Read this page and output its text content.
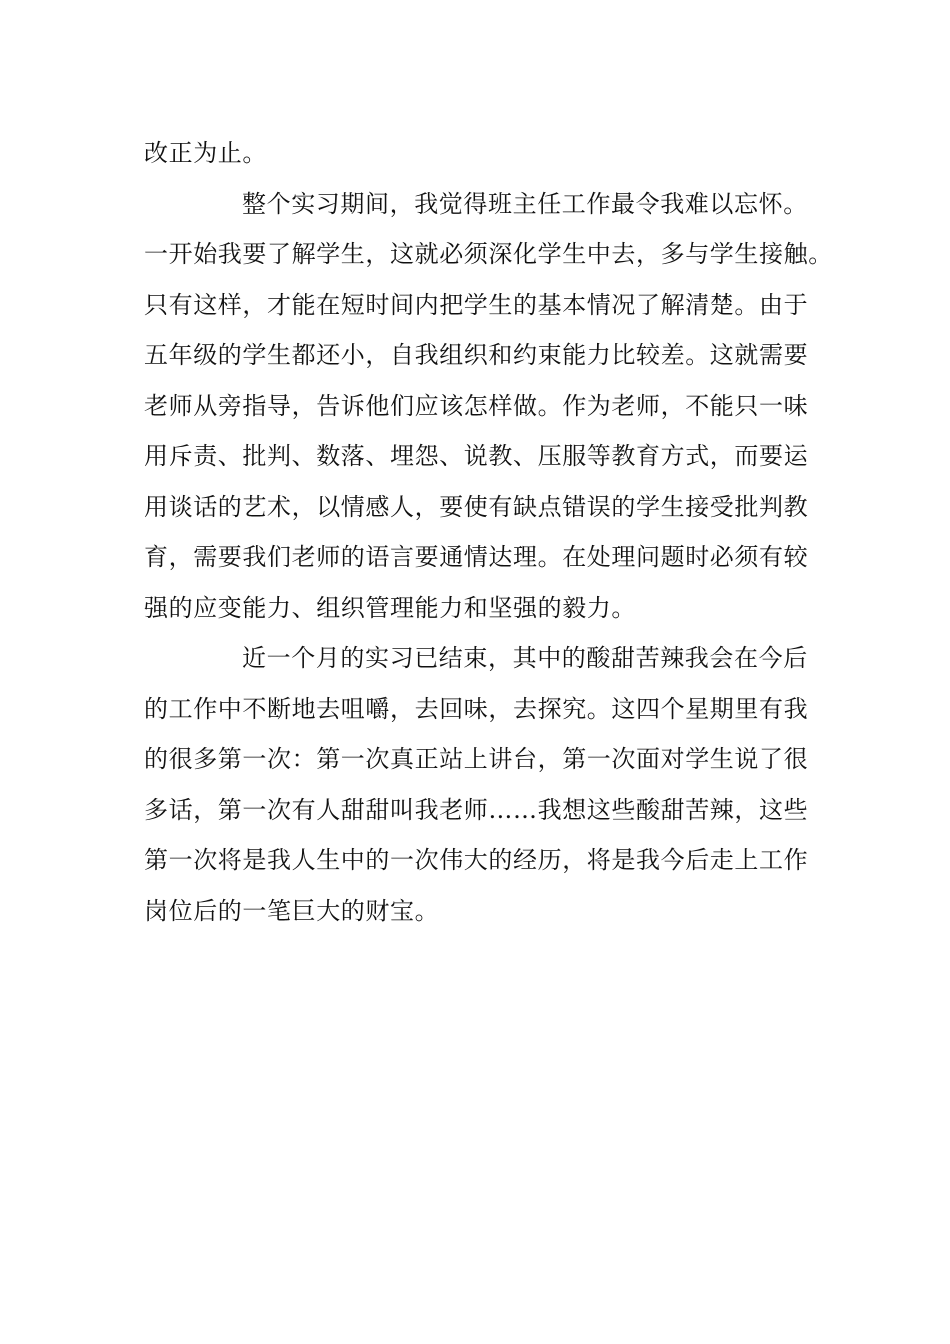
改正为止。
整个实习期间，我觉得班主任工作最令我难以忘怀。
一开始我要了解学生，这就必须深化学生中去，多与学生接触。
只有这样，才能在短时间内把学生的基本情况了解清楚。由于
五年级的学生都还小，自我组织和约束能力比较差。这就需要
老师从旁指导，告诉他们应该怎样做。作为老师，不能只一味
用斥责、批判、数落、埋怨、说教、压服等教育方式，而要运
用谈话的艺术，以情感人，要使有缺点错误的学生接受批判教
育，需要我们老师的语言要通情达理。在处理问题时必须有较
强的应变能力、组织管理能力和坚强的毅力。
近一个月的实习已结束，其中的酸甜苦辣我会在今后
的工作中不断地去咀嚼，去回味，去探究。这四个星期里有我
的很多第一次：第一次真正站上讲台，第一次面对学生说了很
多话，第一次有人甜甜叫我老师……我想这些酸甜苦辣，这些
第一次将是我人生中的一次伟大的经历，将是我今后走上工作
岗位后的一笔巨大的财宝。
